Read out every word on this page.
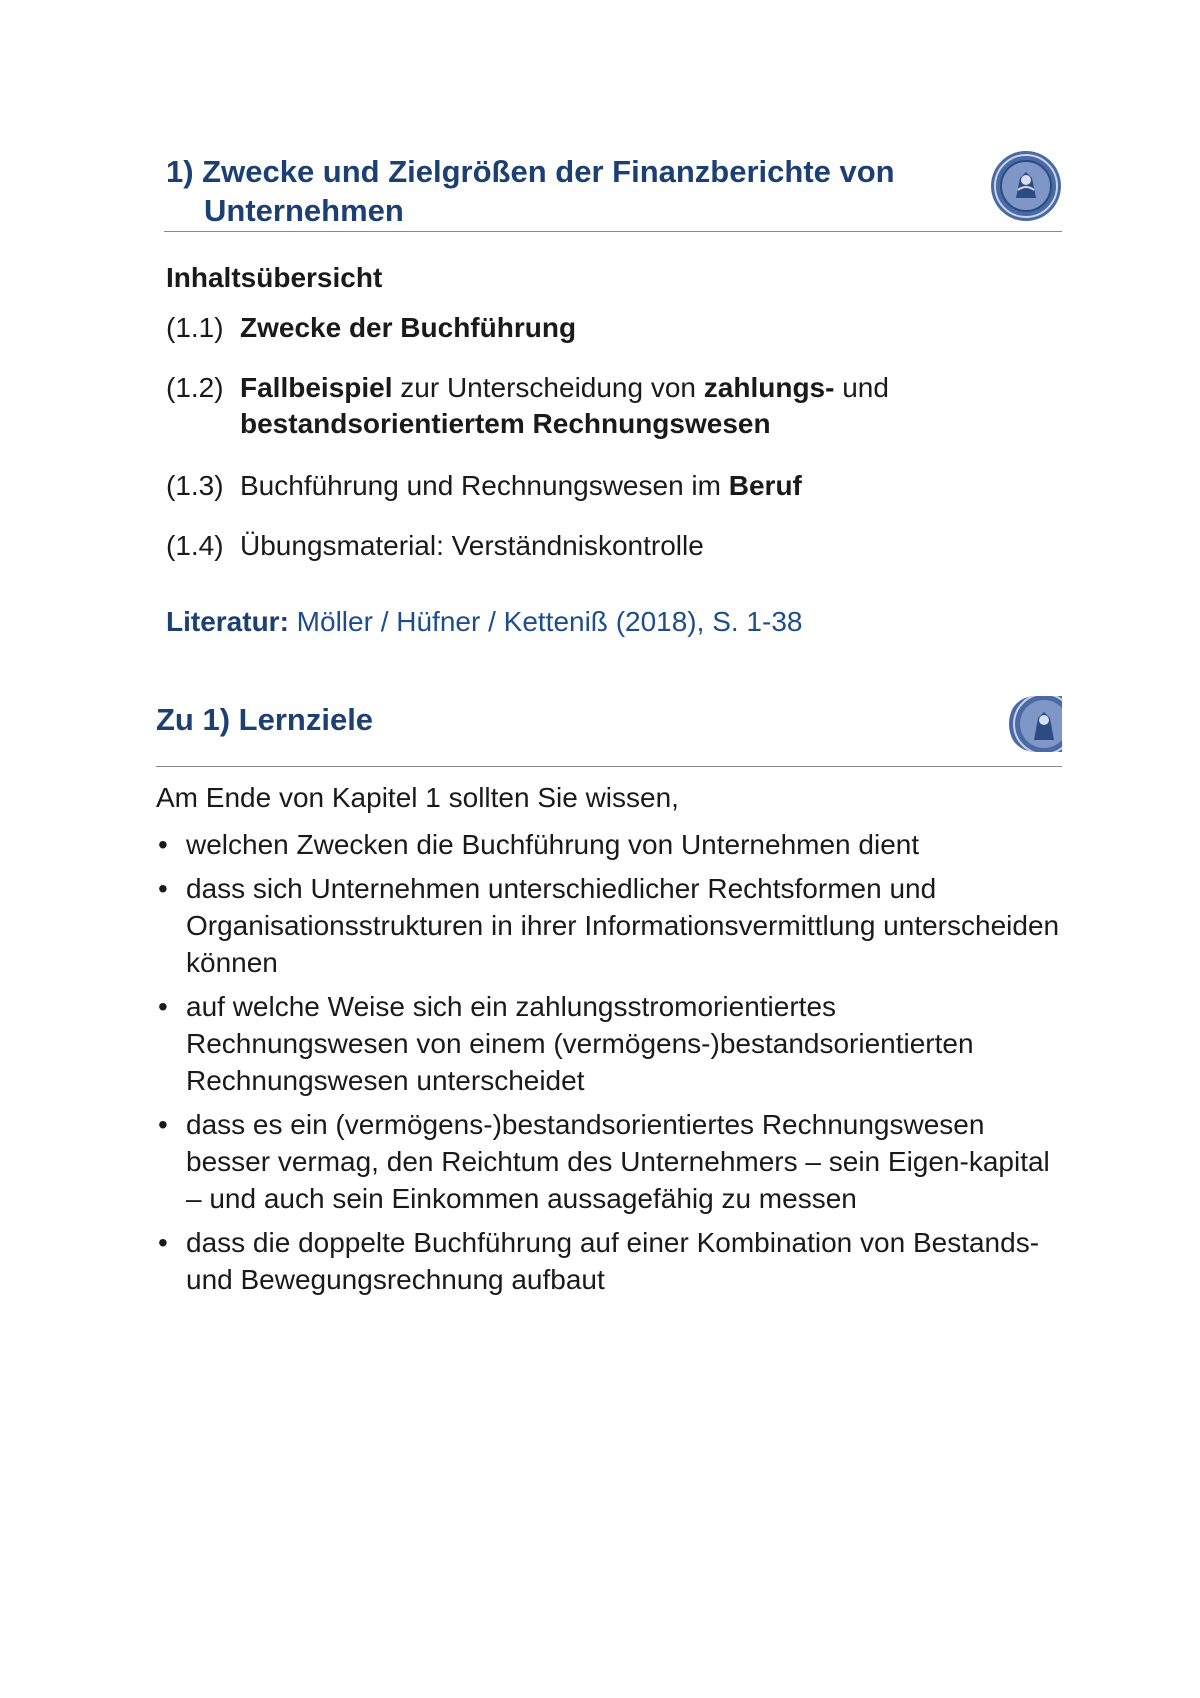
1) Zwecke und Zielgrößen der Finanzberichte von
Unternehmen
Inhaltsübersicht
(1.1) Zwecke der Buchführung
(1.2) Fallbeispiel zur Unterscheidung von zahlungs- und
bestandsorientiertem Rechnungswesen
(1.3) Buchführung und Rechnungswesen im Beruf
(1.4) Übungsmaterial: Verständniskontrolle
Literatur: Möller / Hüfner / Ketteniß (2018), S. 1-38
Zu 1) Lernziele
Am Ende von Kapitel 1 sollten Sie wissen,
• welchen Zwecken die Buchführung von Unternehmen dient
• dass sich Unternehmen unterschiedlicher Rechtsformen und Organisationsstrukturen in ihrer Informationsvermittlung unterscheiden können
• auf welche Weise sich ein zahlungsstromorientiertes Rechnungswesen von einem (vermögens-)bestandsorientierten Rechnungswesen unterscheidet
• dass es ein (vermögens-)bestandsorientiertes Rechnungswesen besser vermag, den Reichtum des Unternehmers – sein Eigen-kapital – und auch sein Einkommen aussagefähig zu messen
• dass die doppelte Buchführung auf einer Kombination von Bestands- und Bewegungsrechnung aufbaut
